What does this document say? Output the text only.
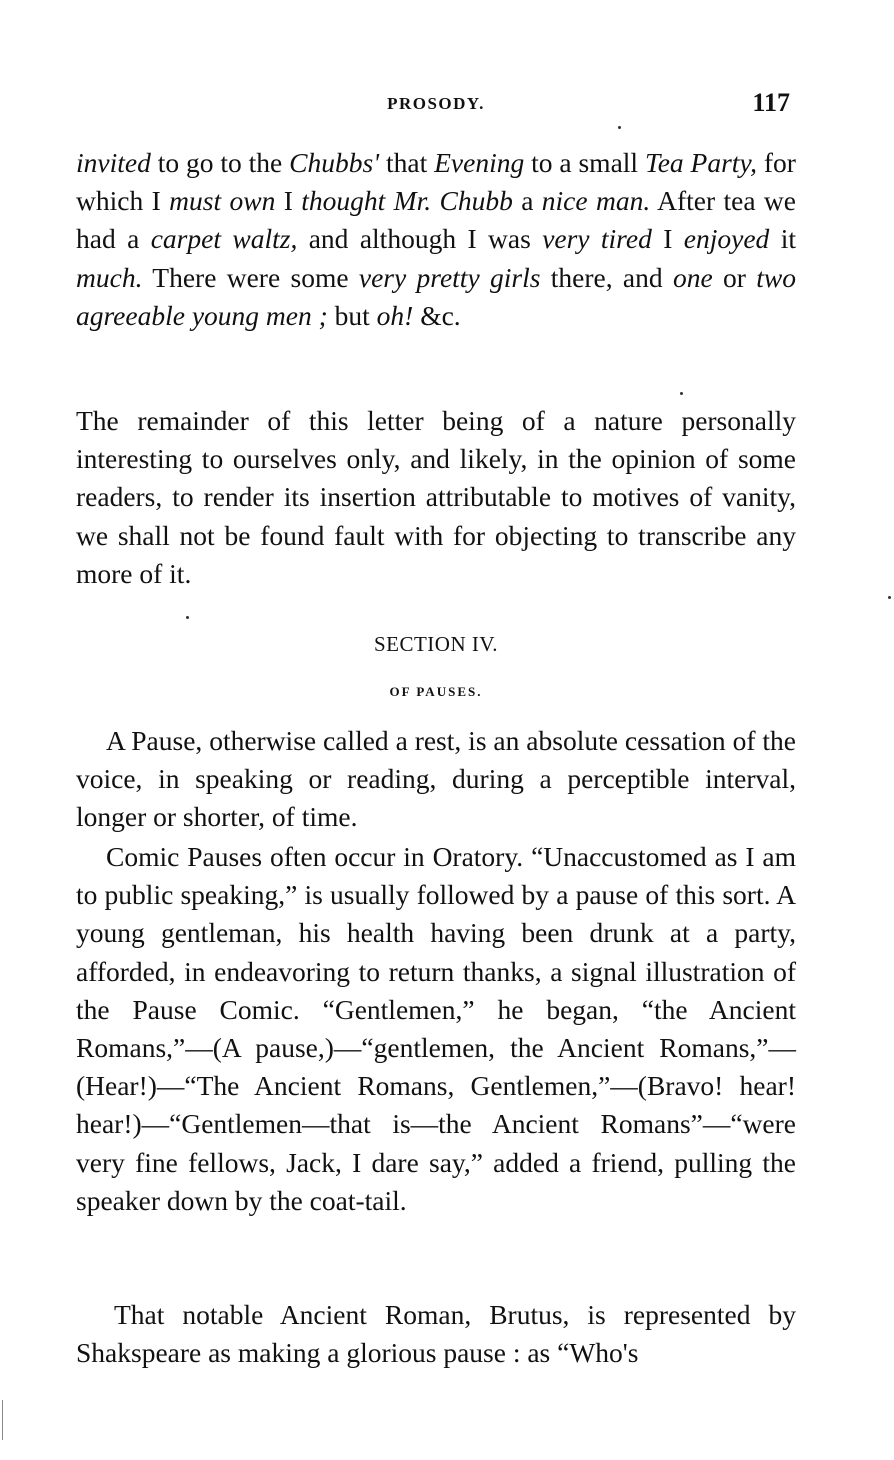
PROSODY.	117

invited to go to the Chubbs' that Evening to a small Tea Party, for which I must own I thought Mr. Chubb a nice man. After tea we had a carpet waltz, and although I was very tired I enjoyed it much. There were some very pretty girls there, and one or two agreeable young men ; but oh! &c.

The remainder of this letter being of a nature personally interesting to ourselves only, and likely, in the opinion of some readers, to render its insertion attributable to motives of vanity, we shall not be found fault with for objecting to transcribe any more of it.

SECTION IV.
OF PAUSES.

A Pause, otherwise called a rest, is an absolute cessation of the voice, in speaking or reading, during a perceptible interval, longer or shorter, of time.

Comic Pauses often occur in Oratory. “Unaccustomed as I am to public speaking,” is usually followed by a pause of this sort. A young gentleman, his health having been drunk at a party, afforded, in endeavoring to return thanks, a signal illustration of the Pause Comic. “Gentlemen,” he began, “the Ancient Romans,”—(A pause,)—“gentlemen, the Ancient Romans,”—(Hear!)—“The Ancient Romans, Gentlemen,”—(Bravo! hear! hear!)—“Gentlemen—that is—the Ancient Romans”—“were very fine fellows, Jack, I dare say,” added a friend, pulling the speaker down by the coat-tail.

That notable Ancient Roman, Brutus, is represented by Shakspeare as making a glorious pause : as “Who's
